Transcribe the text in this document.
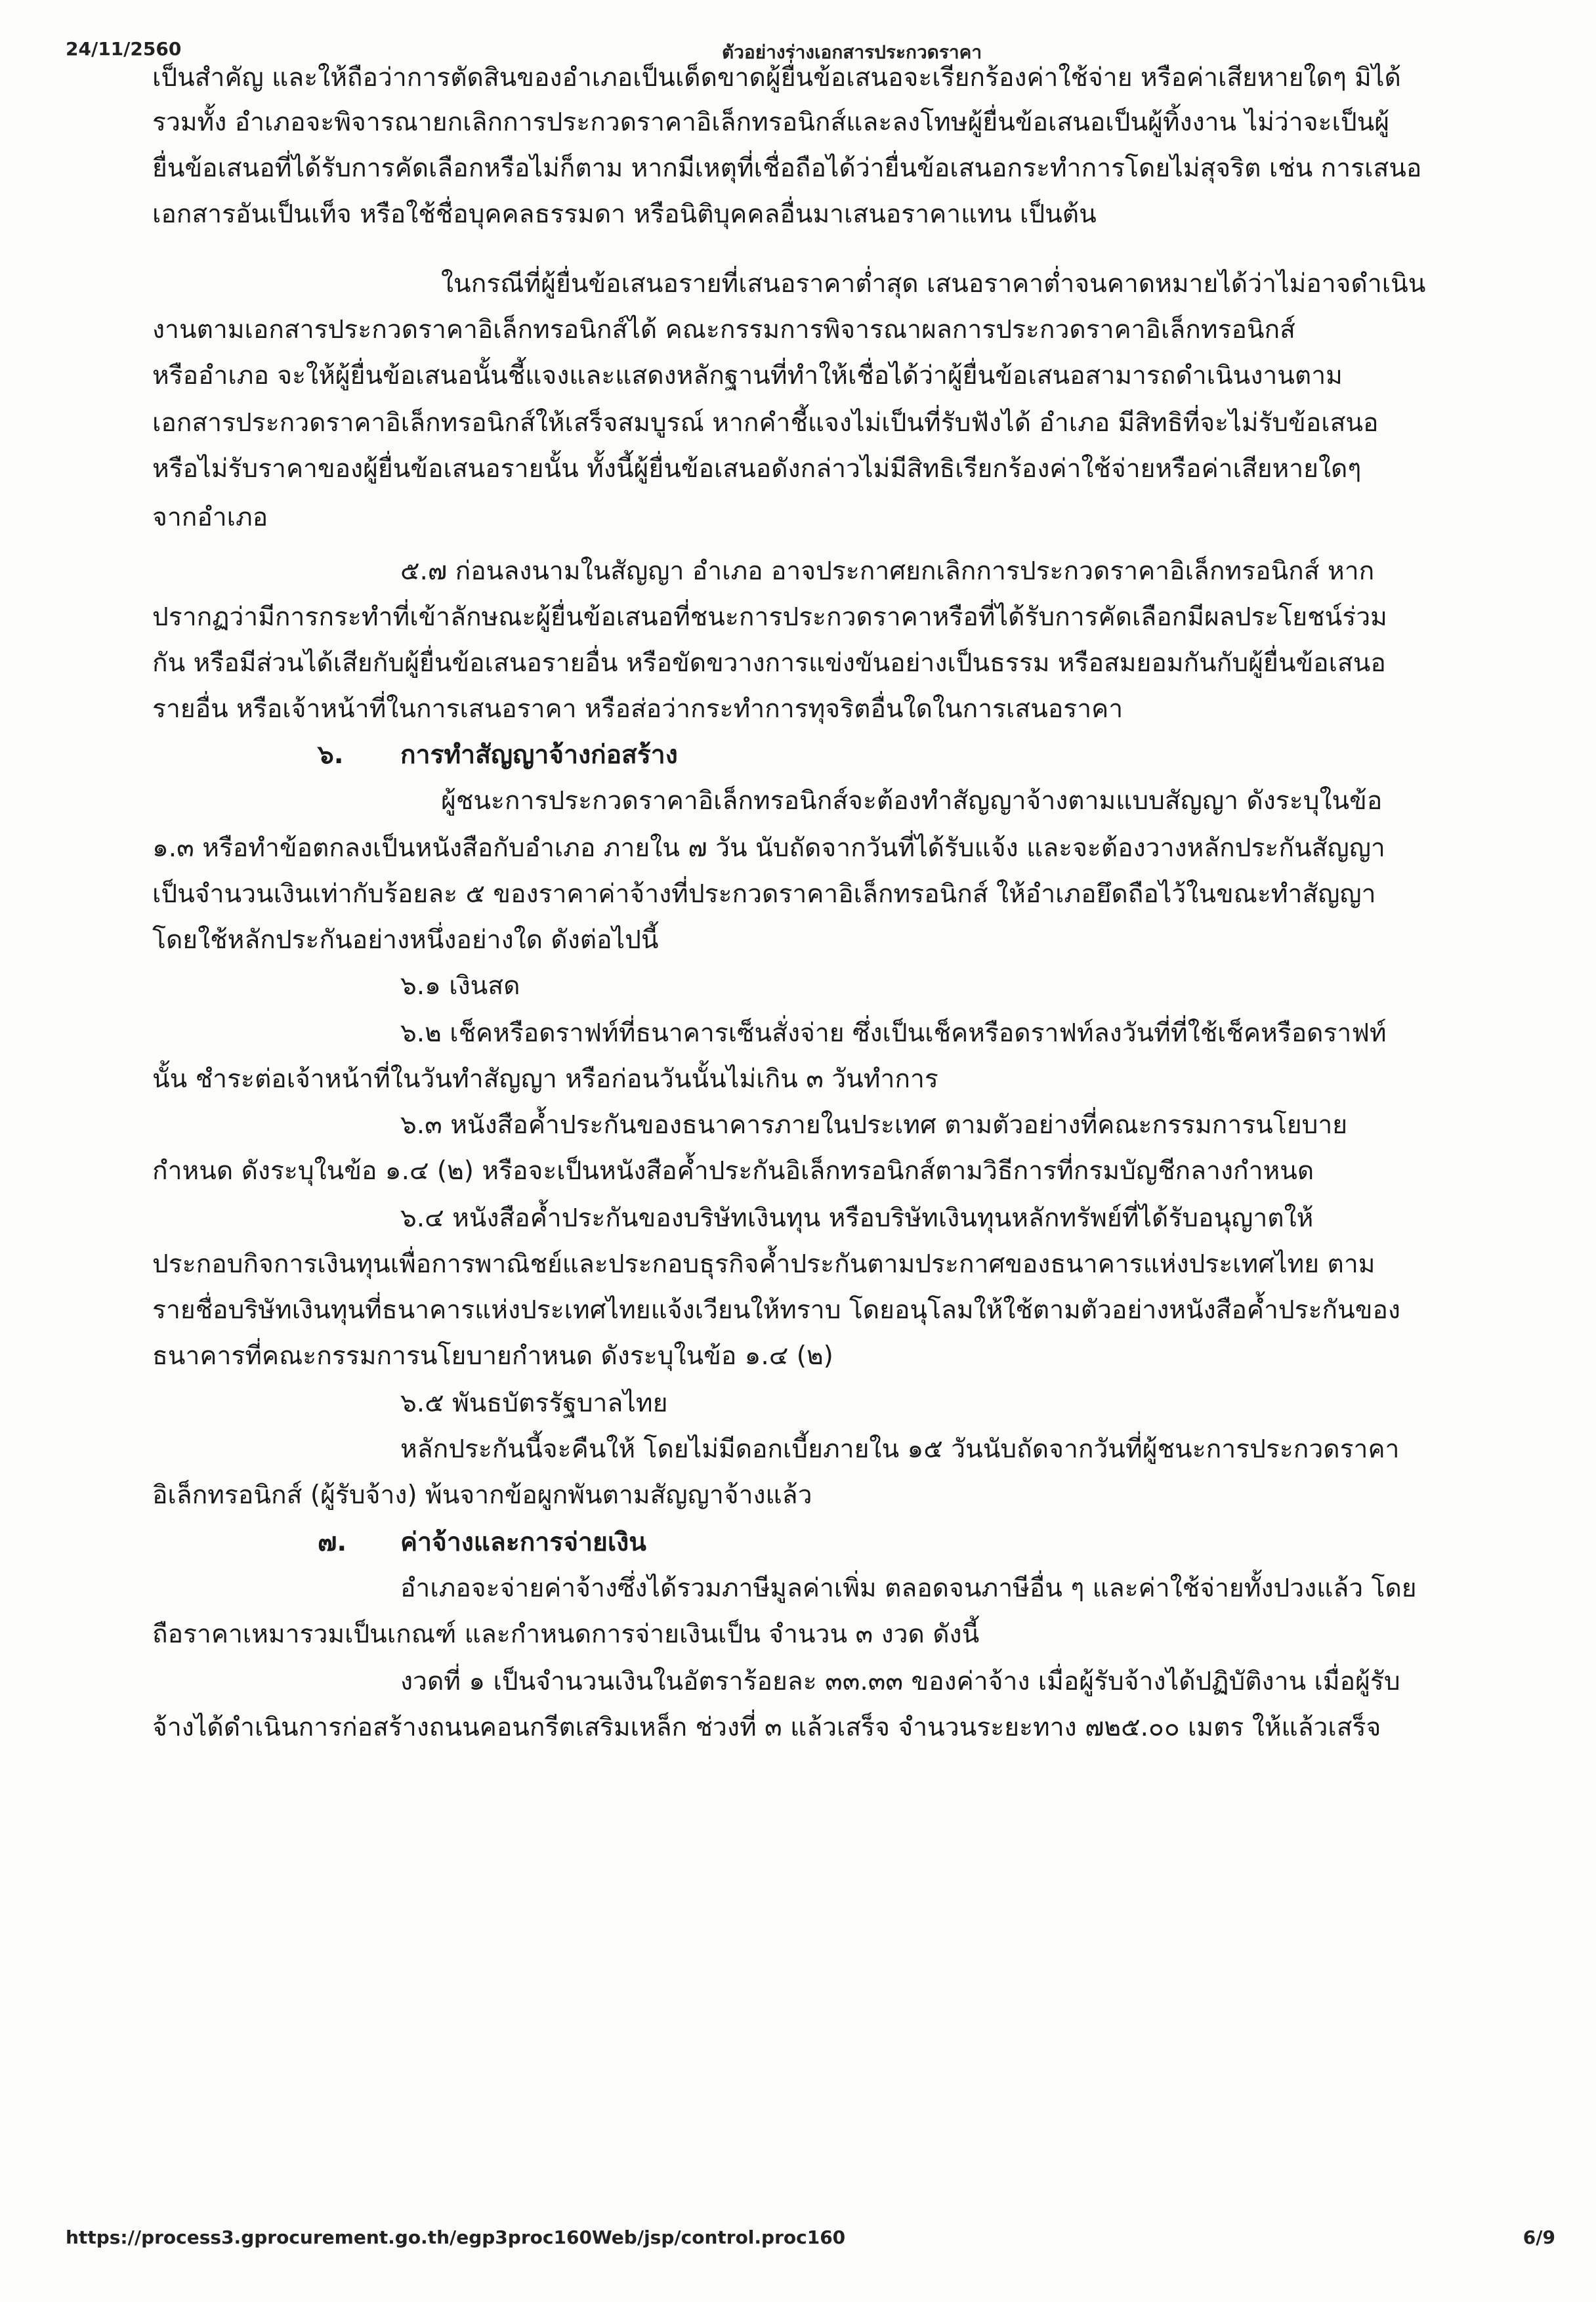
24/11/2560	ตัวอย่างร่างเอกสารประกวดราคา
เป็นสำคัญ และให้ถือว่าการตัดสินของอำเภอเป็นเด็ดขาดผู้ยื่นข้อเสนอจะเรียกร้องค่าใช้จ่าย หรือค่าเสียหายใดๆ มิได้
รวมทั้ง อำเภอจะพิจารณายกเลิกการประกวดราคาอิเล็กทรอนิกส์และลงโทษผู้ยื่นข้อเสนอเป็นผู้ทิ้งงาน ไม่ว่าจะเป็นผู้
ยื่นข้อเสนอที่ได้รับการคัดเลือกหรือไม่ก็ตาม หากมีเหตุที่เชื่อถือได้ว่ายื่นข้อเสนอกระทำการโดยไม่สุจริต เช่น การเสนอ
เอกสารอันเป็นเท็จ หรือใช้ชื่อบุคคลธรรมดา หรือนิติบุคคลอื่นมาเสนอราคาแทน เป็นต้น
ในกรณีที่ผู้ยื่นข้อเสนอรายที่เสนอราคาต่ำสุด เสนอราคาต่ำจนคาดหมายได้ว่าไม่อาจดำเนิน
งานตามเอกสารประกวดราคาอิเล็กทรอนิกส์ได้ คณะกรรมการพิจารณาผลการประกวดราคาอิเล็กทรอนิกส์
หรืออำเภอ จะให้ผู้ยื่นข้อเสนอนั้นชี้แจงและแสดงหลักฐานที่ทำให้เชื่อได้ว่าผู้ยื่นข้อเสนอสามารถดำเนินงานตาม
เอกสารประกวดราคาอิเล็กทรอนิกส์ให้เสร็จสมบูรณ์ หากคำชี้แจงไม่เป็นที่รับฟังได้ อำเภอ มีสิทธิที่จะไม่รับข้อเสนอ
หรือไม่รับราคาของผู้ยื่นข้อเสนอรายนั้น ทั้งนี้ผู้ยื่นข้อเสนอดังกล่าวไม่มีสิทธิเรียกร้องค่าใช้จ่ายหรือค่าเสียหายใดๆ
จากอำเภอ
๕.๗ ก่อนลงนามในสัญญา อำเภอ อาจประกาศยกเลิกการประกวดราคาอิเล็กทรอนิกส์ หาก
ปรากฏว่ามีการกระทำที่เข้าลักษณะผู้ยื่นข้อเสนอที่ชนะการประกวดราคาหรือที่ได้รับการคัดเลือกมีผลประโยชน์ร่วม
กัน หรือมีส่วนได้เสียกับผู้ยื่นข้อเสนอรายอื่น หรือขัดขวางการแข่งขันอย่างเป็นธรรม หรือสมยอมกันกับผู้ยื่นข้อเสนอ
รายอื่น หรือเจ้าหน้าที่ในการเสนอราคา หรือส่อว่ากระทำการทุจริตอื่นใดในการเสนอราคา
๖. การทำสัญญาจ้างก่อสร้าง
ผู้ชนะการประกวดราคาอิเล็กทรอนิกส์จะต้องทำสัญญาจ้างตามแบบสัญญา ดังระบุในข้อ
๑.๓ หรือทำข้อตกลงเป็นหนังสือกับอำเภอ ภายใน ๗ วัน นับถัดจากวันที่ได้รับแจ้ง และจะต้องวางหลักประกันสัญญา
เป็นจำนวนเงินเท่ากับร้อยละ ๕ ของราคาค่าจ้างที่ประกวดราคาอิเล็กทรอนิกส์ ให้อำเภอยึดถือไว้ในขณะทำสัญญา
โดยใช้หลักประกันอย่างหนึ่งอย่างใด ดังต่อไปนี้
๖.๑ เงินสด
๖.๒ เช็คหรือดราฟท์ที่ธนาคารเซ็นสั่งจ่าย ซึ่งเป็นเช็คหรือดราฟท์ลงวันที่ที่ใช้เช็คหรือดราฟท์
นั้น ชำระต่อเจ้าหน้าที่ในวันทำสัญญา หรือก่อนวันนั้นไม่เกิน ๓ วันทำการ
๖.๓ หนังสือค้ำประกันของธนาคารภายในประเทศ ตามตัวอย่างที่คณะกรรมการนโยบาย
กำหนด ดังระบุในข้อ ๑.๔ (๒) หรือจะเป็นหนังสือค้ำประกันอิเล็กทรอนิกส์ตามวิธีการที่กรมบัญชีกลางกำหนด
๖.๔ หนังสือค้ำประกันของบริษัทเงินทุน หรือบริษัทเงินทุนหลักทรัพย์ที่ได้รับอนุญาตให้
ประกอบกิจการเงินทุนเพื่อการพาณิชย์และประกอบธุรกิจค้ำประกันตามประกาศของธนาคารแห่งประเทศไทย ตาม
รายชื่อบริษัทเงินทุนที่ธนาคารแห่งประเทศไทยแจ้งเวียนให้ทราบ โดยอนุโลมให้ใช้ตามตัวอย่างหนังสือค้ำประกันของ
ธนาคารที่คณะกรรมการนโยบายกำหนด ดังระบุในข้อ ๑.๔ (๒)
๖.๕ พันธบัตรรัฐบาลไทย
หลักประกันนี้จะคืนให้ โดยไม่มีดอกเบี้ยภายใน ๑๕ วันนับถัดจากวันที่ผู้ชนะการประกวดราคา
อิเล็กทรอนิกส์ (ผู้รับจ้าง) พ้นจากข้อผูกพันตามสัญญาจ้างแล้ว
๗. ค่าจ้างและการจ่ายเงิน
อำเภอจะจ่ายค่าจ้างซึ่งได้รวมภาษีมูลค่าเพิ่ม ตลอดจนภาษีอื่น ๆ และค่าใช้จ่ายทั้งปวงแล้ว โดย
ถือราคาเหมารวมเป็นเกณฑ์ และกำหนดการจ่ายเงินเป็น จำนวน ๓ งวด ดังนี้
งวดที่ ๑ เป็นจำนวนเงินในอัตราร้อยละ ๓๓.๓๓ ของค่าจ้าง เมื่อผู้รับจ้างได้ปฏิบัติงาน เมื่อผู้รับ
จ้างได้ดำเนินการก่อสร้างถนนคอนกรีตเสริมเหล็ก ช่วงที่ ๓ แล้วเสร็จ จำนวนระยะทาง ๗๒๕.๐๐ เมตร ให้แล้วเสร็จ
https://process3.gprocurement.go.th/egp3proc160Web/jsp/control.proc160	6/9
